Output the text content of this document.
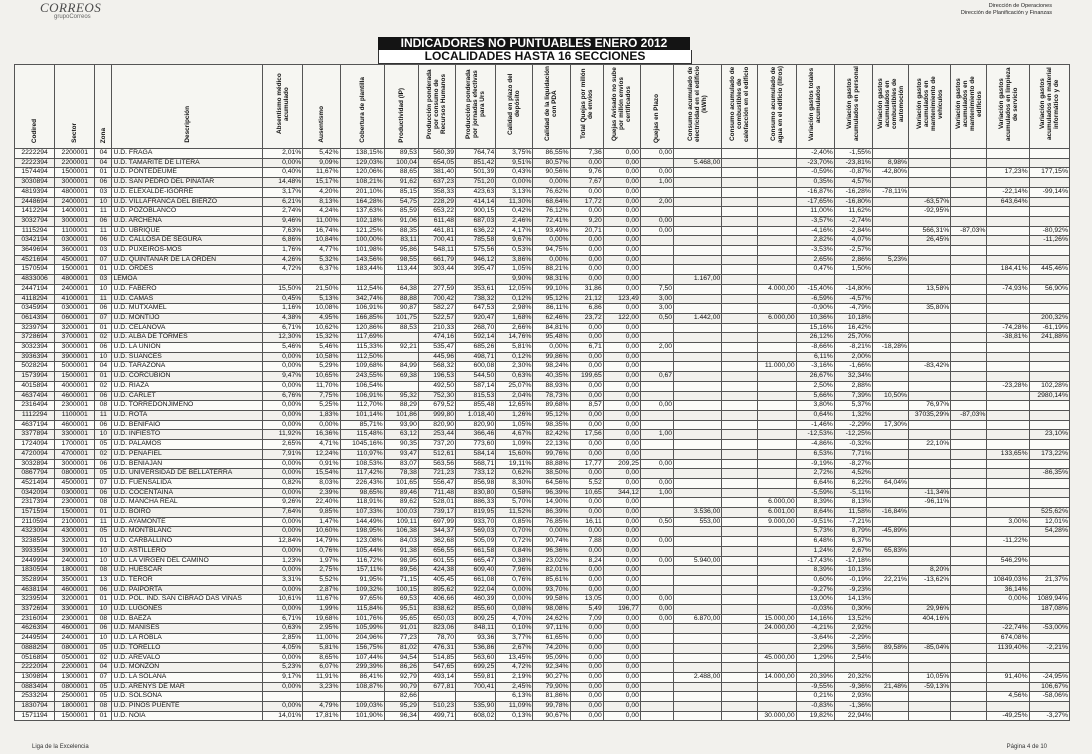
CORREOS
grupoCorreos
Dirección de Operaciones
Dirección de Planificación y Finanzas
INDICADORES NO PUNTUABLES ENERO 2012
LOCALIDADES HASTA 16 SECCIONES
Codired	Sector	Zona	Descripción	Absentismo médico acumulado	Ausentismo	Cobertura de plantilla	Productividad (IP)	Producción ponderada por consumo de Recursos Humanos	Producción ponderada por jornadas efectivas para Urs	Calidad en plazo del depósito	Calidad de la liquidación con PDA	Total Quejas por millón de envíos	Quejas Avisado no sube por millón envíos certificados	Quejas en Plazo	Consumo acumulado de electricidad en el edificio (kWh)	Consumo acumulado de combustibles de calefacción en el edificio	Consumo acumulado de agua en el edificio (litros)	Variación gastos totales acumulados	Variación gastos acumulados en personal	Variación gastos acumulados en combustibles de automoción	Variación gastos acumulados en mantenimiento de vehículos	Variación gastos acumulados en mantenimiento de edificios	Variación gastos acumulados en limpieza de servicio	Variación gastos acumulados en material informático y de
2222294	2200001	04	U.D. FRAGA	2,01%	5,42%	138,15%	89,53	560,39	764,74	3,75%	86,55%	7,36	0,00	0,00				-2,40%	-1,55%					
2222394	2200001	04	U.D. TAMARITE DE LITERA	0,00%	9,09%	129,03%	100,04	654,05	851,42	9,51%	80,57%	0,00	0,00		5.468,00			-23,70%	-23,81%	8,98%				
1574494	1500001	01	U.D. PONTEDEUME	0,40%	11,67%	120,06%	88,65	381,40	501,39	0,43%	90,56%	9,76	0,00	0,00				-0,59%	-0,87%	-42,80%			17,23%	177,15%
3030894	3000001	06	U.D. SAN PEDRO DEL PINATAR	14,48%	15,17%	108,21%	91,62	637,23	751,20	0,00%	0,00%	7,67	0,00	1,00				0,35%	4,57%					
4819394	4800001	03	U.D. ELEXALDE-IGORRE	3,17%	4,20%	201,10%	85,15	358,33	423,63	3,13%	76,62%	0,00	0,00					-16,87%	-16,28%	-78,11%			-22,14%	-99,14%
2448694	2400001	10	U.D. VILLAFRANCA DEL BIERZO	6,21%	8,13%	164,28%	54,75	228,29	414,14	11,30%	68,64%	17,72	0,00	2,00				-17,65%	-16,80%		-63,57%		643,64%	
1412294	1400001	11	U.D. POZOBLANCO	2,74%	4,24%	137,63%	85,59	653,22	900,15	0,42%	76,12%	0,00	0,00					11,00%	11,62%		-92,95%			
3032794	3000001	06	U.D. ARCHENA	9,46%	11,00%	102,18%	91,06	611,48	687,03	2,46%	72,41%	9,20	0,00	0,00				-3,57%	-2,74%					
1115294	1100001	11	U.D. UBRIQUE	7,63%	16,74%	121,25%	88,35	461,81	636,22	4,17%	93,49%	20,71	0,00	0,00				-4,16%	-2,84%		566,31%	-87,03%		-80,92%
0342194	0300001	06	U.D. CALLOSA DE SEGURA	6,86%	10,84%	100,00%	83,11	700,41	785,58	9,67%	0,00%	0,00	0,00					2,82%	4,07%		26,45%			-11,26%
3649694	3600001	03	U.D. PUXEIROS-MOS	1,76%	4,77%	101,98%	95,86	548,11	575,56	0,53%	94,75%	0,00	0,00					-3,53%	-2,57%					
4521694	4500001	07	U.D. QUINTANAR DE LA ORDEN	4,26%	5,32%	143,56%	98,55	661,79	946,12	3,86%	0,00%	0,00	0,00					2,65%	2,86%	5,23%				
1570594	1500001	01	U.D. ORDES	4,72%	6,37%	183,44%	113,44	303,44	395,47	1,05%	88,21%	0,00	0,00					0,47%	1,50%				184,41%	445,46%
4833006	4800001	03	LEMOA							9,90%	98,31%	0,00	0,00		1.167,00									
2447194	2400001	10	U.D. FABERO	15,50%	21,50%	112,54%	64,38	277,59	353,61	12,05%	99,10%	31,86	0,00	7,50			4.000,00	-15,40%	-14,80%		13,58%		-74,93%	56,90%
4118294	4100001	11	U.D. CAMAS	0,45%	5,13%	342,74%	88,88	700,42	738,32	0,12%	95,12%	21,12	123,49	3,00				-6,59%	-4,57%					
0345994	0300001	06	U.D. MUTXAMEL	1,16%	10,08%	106,91%	90,87	582,27	647,53	2,98%	86,11%	6,86	0,00	3,00				-0,90%	-4,79%		35,80%			
0614394	0600001	07	U.D. MONTIJO	4,38%	4,95%	166,85%	101,75	522,57	920,47	1,68%	62,46%	23,72	122,00	0,50	1.442,00		6.000,00	10,36%	10,18%					200,32%
3239794	3200001	01	U.D. CELANOVA	6,71%	10,62%	120,86%	88,53	210,33	268,70	2,66%	84,81%	0,00	0,00					15,16%	16,42%				-74,28%	-61,19%
3728694	3700001	02	U.D. ALBA DE TORMES	12,30%	15,32%	117,69%		474,16	592,14	14,76%	95,48%	0,00	0,00					26,12%	25,70%				-38,81%	241,88%
3032394	3000001	06	U.D. LA UNION	5,46%	5,46%	115,33%	92,21	535,47	685,26	5,81%	0,00%	6,71	0,00	2,00				-8,66%	-8,21%	-18,28%				
3936394	3900001	10	U.D. SUANCES	0,00%	10,58%	112,50%		445,96	498,71	0,12%	99,86%	0,00	0,00					6,11%	2,00%					
5028294	5000001	04	U.D. TARAZONA	0,00%	5,29%	109,68%	84,99	568,32	600,08	2,30%	98,24%	0,00	0,00				11.000,00	-3,16%	-1,66%		-83,42%			
1573994	1500001	01	U.D. CORCUBION	9,47%	10,65%	243,55%	69,38	196,53	544,50	0,63%	40,35%	199,65	0,00	0,67				26,67%	32,34%					
4015894	4000001	02	U.D. RIAZA	0,00%	11,70%	106,54%		492,50	587,14	25,07%	88,93%	0,00	0,00					2,50%	2,88%				-23,28%	102,28%
4637494	4600001	06	U.D. CARLET	6,76%	7,75%	106,91%	95,32	752,30	815,53	2,04%	78,73%	0,00	0,00					5,66%	7,39%	10,50%				2980,14%
2316494	2300001	08	U.D. TORREDONJIMENO	0,00%	5,25%	112,70%	88,29	679,52	855,48	12,65%	89,68%	8,57	0,00	0,00				3,80%	5,37%		76,97%			
1112294	1100001	11	U.D. ROTA	0,00%	1,83%	101,14%	101,86	999,80	1.018,40	1,26%	95,12%	0,00	0,00					0,64%	1,32%		37035,29%	-87,03%		
4637194	4600001	06	U.D. BENIFAIO	0,00%	0,00%	85,71%	93,90	820,90	820,90	1,05%	98,35%	0,00	0,00					-1,46%	-2,29%	17,30%				
3377894	3300001	10	U.D. INFIESTO	11,92%	16,36%	115,48%	63,12	253,44	366,46	4,67%	82,42%	17,56	0,00	1,00				-12,53%	-12,25%					23,10%
1724094	1700001	05	U.D. PALAMOS	2,65%	4,71%	1045,16%	90,35	737,20	773,60	1,09%	22,13%	0,00	0,00					-4,86%	-0,32%		22,10%			
4720094	4700001	02	U.D. PEÑAFIEL	7,91%	12,24%	110,97%	93,47	512,61	584,14	15,60%	99,76%	0,00	0,00					6,53%	7,71%				133,65%	173,22%
3032894	3000001	06	U.D. BENIAJAN	0,00%	0,91%	108,53%	83,07	563,56	568,71	19,11%	88,88%	17,77	209,25	0,00				-9,19%	-8,27%					
0867794	0800001	05	U.D. UNIVERSIDAD DE BELLATERRA	0,00%	15,54%	117,42%	78,38	721,23	733,12	0,62%	38,50%	0,00	0,00					2,72%	4,52%					-86,35%
4521494	4500001	07	U.D. FUENSALIDA	0,82%	8,03%	226,43%	101,65	556,47	856,98	8,30%	64,56%	5,52	0,00	0,00				6,64%	6,22%	64,04%				
0342094	0300001	06	U.D. COCENTAINA	0,00%	2,39%	98,65%	89,46	711,48	830,80	0,58%	96,39%	10,65	344,12	1,00				-5,59%	-5,11%		-11,34%			
2317394	2300001	08	U.D. MANCHA REAL	9,26%	22,40%	118,91%	89,62	528,01	886,33	5,70%	14,90%	0,00	0,00				6.000,00	8,39%	8,13%		-96,11%			
1571594	1500001	01	U.D. BOIRO	7,64%	9,85%	107,33%	100,03	739,17	819,95	11,52%	86,39%	0,00	0,00		3.536,00		6.001,00	8,64%	11,58%	-16,84%				525,62%
2110594	2100001	11	U.D. AYAMONTE	0,00%	1,47%	144,49%	109,11	697,99	933,70	0,85%	76,85%	16,11	0,00	0,50	553,00		9.000,00	-9,51%	-7,21%				3,00%	12,01%
4323094	4300001	05	U.D. MONTBLANC	0,00%	10,60%	198,95%	106,38	344,37	569,03	0,70%	0,00%	0,00	0,00					5,73%	8,79%	-45,89%				54,28%
3238594	3200001	01	U.D. CARBALLINO	12,84%	14,79%	123,08%	84,03	362,68	505,09	0,72%	90,74%	7,88	0,00	0,00				6,48%	6,37%				-11,22%	
3933594	3900001	10	U.D. ASTILLERO	0,00%	0,76%	105,44%	91,38	656,55	661,58	0,84%	96,36%	0,00	0,00					1,24%	2,67%	65,83%				
2449994	2400001	10	U.D. LA VIRGEN DEL CAMINO	1,23%	1,97%	116,72%	98,95	601,55	665,47	0,38%	23,02%	8,24	0,00	0,00	5.940,00			-17,43%	-17,18%				546,29%	
1830594	1800001	08	U.D. HUESCAR	0,00%	2,75%	157,11%	89,56	424,38	609,40	7,96%	82,01%	0,00	0,00					8,39%	10,13%		8,20%			
3528994	3500001	13	U.D. TEROR	3,31%	5,52%	91,95%	71,15	405,45	661,08	0,76%	85,61%	0,00	0,00					0,60%	-0,19%	22,21%	-13,62%		10849,03%	21,37%
4638194	4600001	06	U.D. PAIPORTA	0,00%	2,87%	109,32%	100,15	895,62	922,04	0,00%	93,70%	0,00	0,00					-9,27%	-9,23%				36,14%	
3239594	3200001	01	U.D. POL. IND. SAN CIBRAO DAS VIÑAS	10,61%	11,67%	97,65%	69,53	406,66	460,39	0,00%	99,58%	13,05	0,00	0,00				13,00%	14,13%				0,00%	1089,94%
3372694	3300001	10	U.D. LUGONES	0,00%	1,99%	115,84%	95,51	838,62	855,60	0,08%	98,08%	5,49	196,77	0,00				-0,03%	0,30%		29,96%			187,08%
2316094	2300001	08	U.D. BAEZA	6,71%	19,68%	101,76%	95,65	650,03	809,25	4,70%	24,62%	7,09	0,00	0,00	6.870,00		15.000,00	14,16%	13,52%		404,16%			
4626394	4600001	06	U.D. MANISES	0,63%	2,95%	105,99%	91,01	823,06	848,11	0,10%	97,11%	0,00	0,00				24.000,00	-4,21%	2,92%				-22,74%	-53,00%
2449594	2400001	10	U.D. LA ROBLA	2,85%	11,00%	204,96%	77,23	78,70	93,36	3,77%	61,65%	0,00	0,00					-3,64%	-2,29%				674,08%	
0888294	0800001	05	U.D. TORELLO	4,05%	5,81%	156,75%	81,02	476,31	536,86	2,67%	74,20%	0,00	0,00					2,29%	3,56%	89,58%	-85,04%		1139,40%	-2,21%
0516894	0500001	02	U.D. AREVALO	0,00%	8,65%	107,44%	94,54	514,85	563,60	13,45%	95,09%	0,00	0,00				45.000,00	1,29%	2,54%					
2222094	2200001	04	U.D. MONZON	5,23%	6,07%	299,39%	86,26	547,65	699,25	4,72%	92,34%	0,00	0,00											
1309894	1300001	07	U.D. LA SOLANA	9,17%	11,91%	86,41%	92,79	493,14	559,81	2,19%	90,27%	0,00	0,00		2.488,00		14.000,00	20,39%	20,32%		10,05%		91,40%	-24,95%
0883494	0800001	05	U.D. ARENYS DE MAR	0,00%	3,23%	108,87%	90,79	677,81	700,41	2,45%	79,90%	0,00	0,00					-9,55%	-9,36%	21,48%	-59,13%			106,67%
2533294	2500001	05	U.D. SOLSONA				82,66			6,13%	81,86%	0,00	0,00					0,21%	2,93%				4,56%	-58,06%
1830794	1800001	08	U.D. PINOS PUENTE	0,00%	4,79%	109,03%	95,29	510,23	535,90	11,09%	99,78%	0,00	0,00					-0,83%	-1,36%					
1571194	1500001	01	U.D. NOIA	14,01%	17,81%	101,90%	96,34	499,71	608,02	0,13%	90,67%	0,00	0,00				30.000,00	19,82%	22,94%				-49,25%	-3,27%
Liga de la Excelencia	Página 4 de 10
